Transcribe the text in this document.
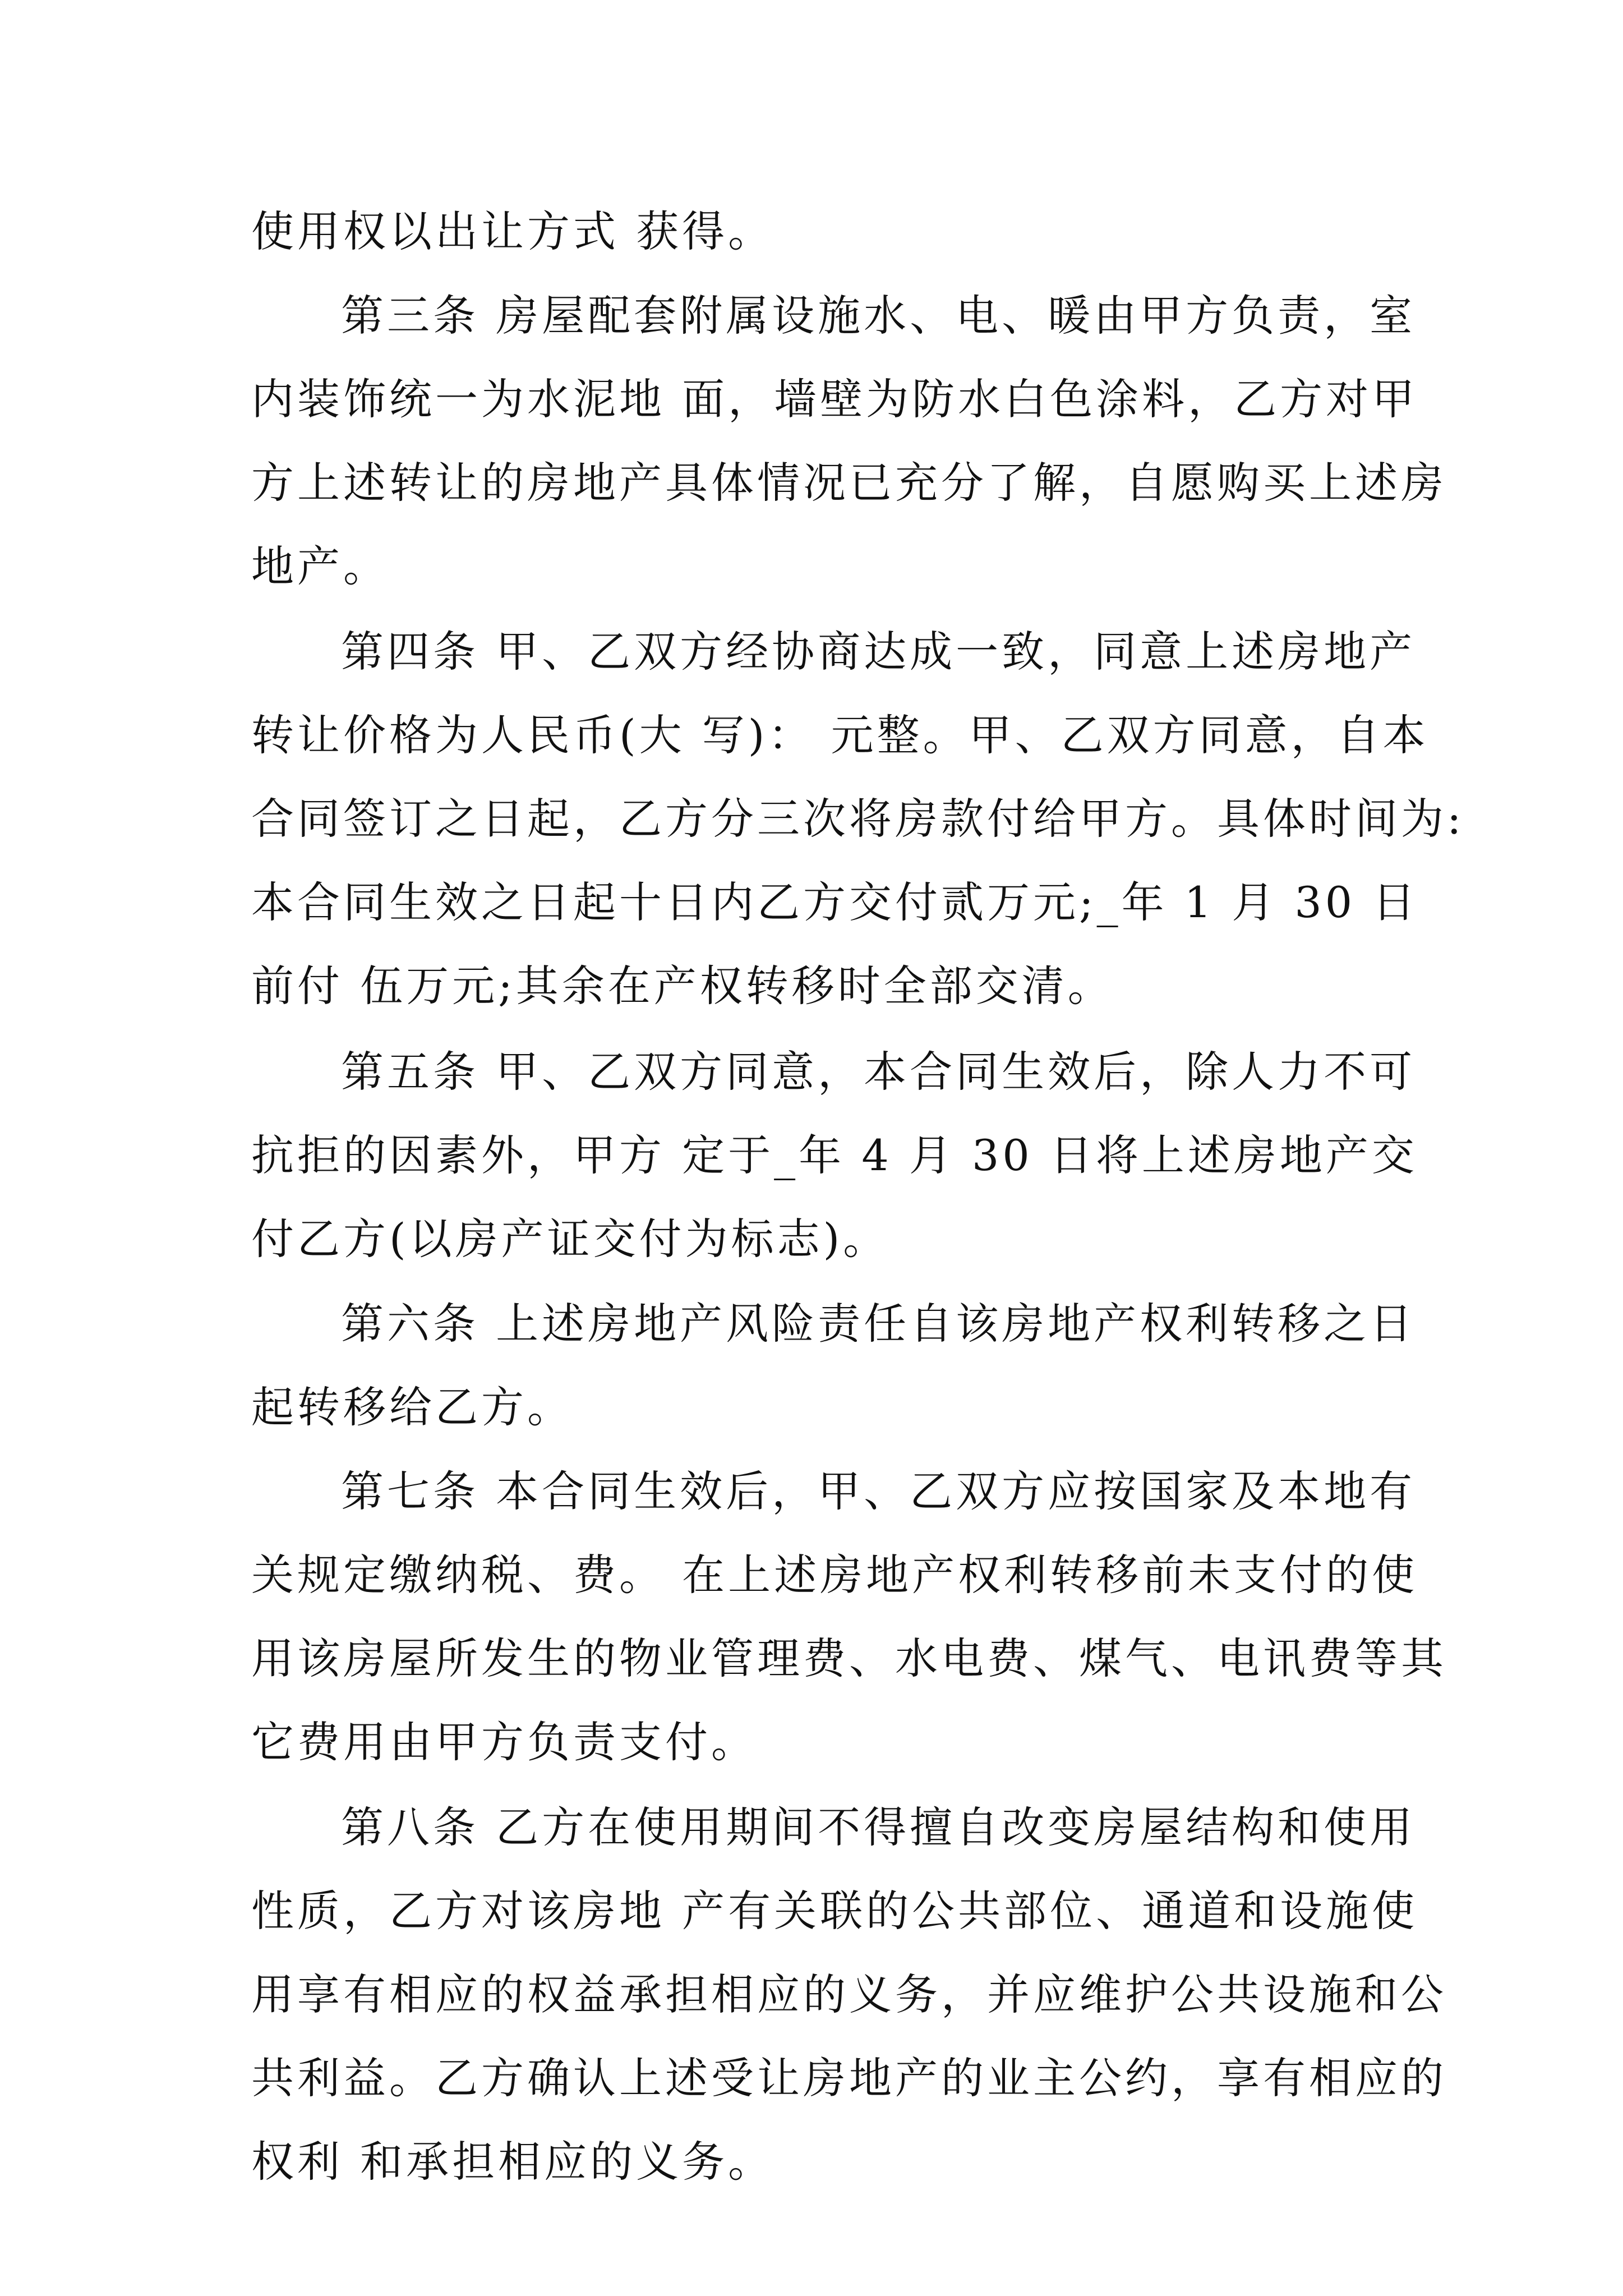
使用权以出让方式 获得。
第三条 房屋配套附属设施水、电、暖由甲方负责，室
内装饰统一为水泥地 面，墙壁为防水白色涂料，乙方对甲
方上述转让的房地产具体情况已充分了解，自愿购买上述房
地产。
第四条 甲、乙双方经协商达成一致，同意上述房地产
转让价格为人民币(大 写)： 元整。甲、乙双方同意，自本
合同签订之日起，乙方分三次将房款付给甲方。具体时间为:
本合同生效之日起十日内乙方交付贰万元;_年 1 月 30 日
前付 伍万元;其余在产权转移时全部交清。
第五条 甲、乙双方同意，本合同生效后，除人力不可
抗拒的因素外，甲方 定于_年 4 月 30 日将上述房地产交
付乙方(以房产证交付为标志)。
第六条 上述房地产风险责任自该房地产权利转移之日
起转移给乙方。
第七条 本合同生效后，甲、乙双方应按国家及本地有
关规定缴纳税、费。 在上述房地产权利转移前未支付的使
用该房屋所发生的物业管理费、水电费、煤气、电讯费等其
它费用由甲方负责支付。
第八条 乙方在使用期间不得擅自改变房屋结构和使用
性质，乙方对该房地 产有关联的公共部位、通道和设施使
用享有相应的权益承担相应的义务，并应维护公共设施和公
共利益。乙方确认上述受让房地产的业主公约，享有相应的
权利 和承担相应的义务。
